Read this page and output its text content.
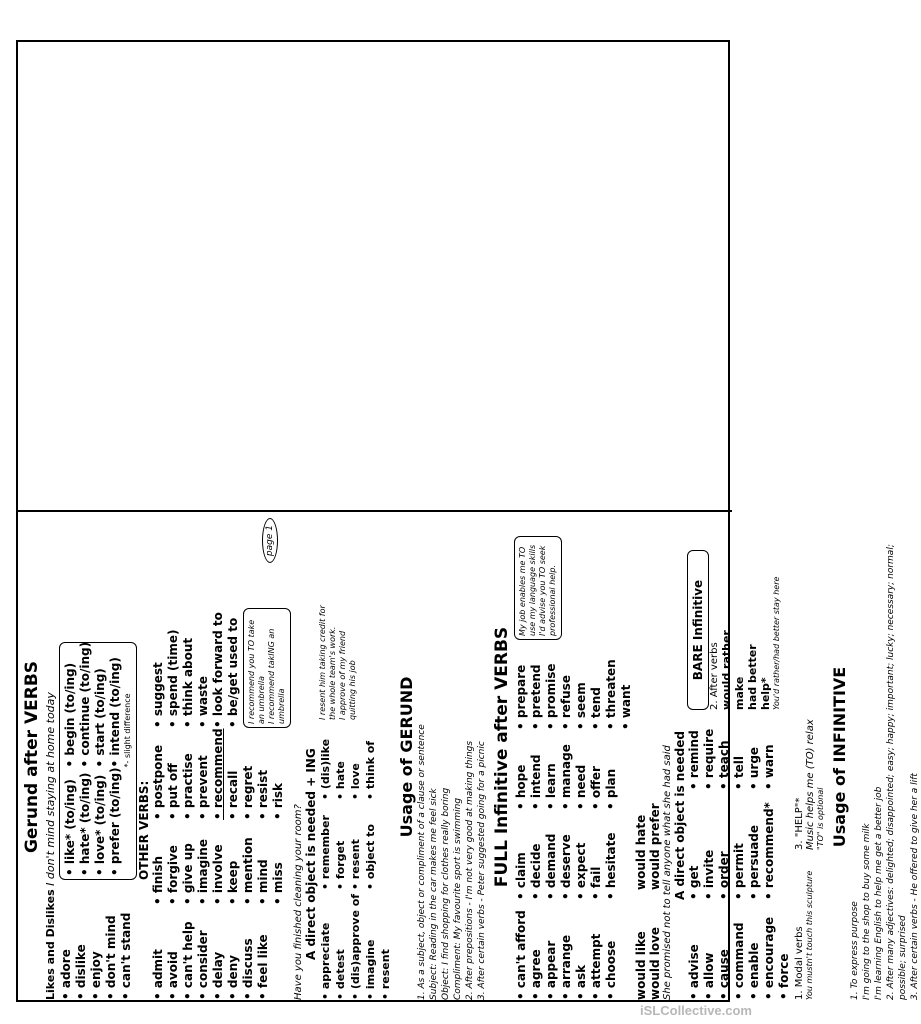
Gerund after VERBS
Likes and Dislikes I don't mind staying at home today
• adore • dislike • enjoy • don't mind • can't stand
• like* (to/ing) • hate* (to/ing) • love* (to/ing) • prefer (to/ing)
• begin (to/ing) • continue (to/ing) • start (to/ing) • intend (to/ing) *- slight difference
OTHER VERBS:
• admit • avoid • can't help • consider • delay • deny • discuss • feel like
• finish • forgive • give up • imagine • involve • keep • mention • mind • miss
• postpone • put off • practise • prevent • recommend • recall • regret • resist • risk
• suggest • spend (time) • think about • waste • look forward to • be/get used to I recommend you TO take an umbrella I recommend takING an umbrella
Have you finished cleaning your room? A direct object is needed + ING • appreciate • detest • (dis)approve of • imagine • resent
• remember • forget • resent • object to
• (dis)like • hate • love • think of
I resent him taking credit for the whole team's work. I approve of my friend quitting his job	Usage of GERUND 1. As a subject, object or compliment of a clause or sentence Subject: Reading in the car makes me feel sick Object: I find shopping for clothes really boring Compliment: My favourite sport is swimming 2. After prepositions - I'm not very good at making things 3. After certain verbs - Peter suggested going for a picnic
page 1
FULL Infinitive after VERBS
• can't afford • agree • appear • arrange • ask • attempt • choose
• claim • decide • demand • deserve • expect • fail • hesitate
• hope • intend • learn • manage • need • offer • plan
• prepare • pretend • promise • refuse • seem • tend • threaten • want
My job enables me TO use my language skills I'd advise you TO seek professional help.
would like
would hate
would love
would prefer She promised not to tell anyone what she had said A direct object is needed
• advise • allow • cause • command • enable • encourage • force
• get • invite • order • permit • persuade • recommend*
• remind • require • teach • tell • urge • warn
BARE Infinitive 2. After verbs would rather make had better help* You'd rather/had better stay here
1. Modal verbs You mustn't touch this sculpture
3. "HELP"* Music helps me (TO) relax "TO" is optional Usage of INFINITIVE
1. To express purpose I'm going to the shop to buy some milk I'm learning English to help me get a better job 2. After many adjectives: delighted; disappointed; easy; happy; important; lucky; necessary; normal; possible; surprised 3. After certain verbs - He offered to give her a lift
iSLCollective.com
